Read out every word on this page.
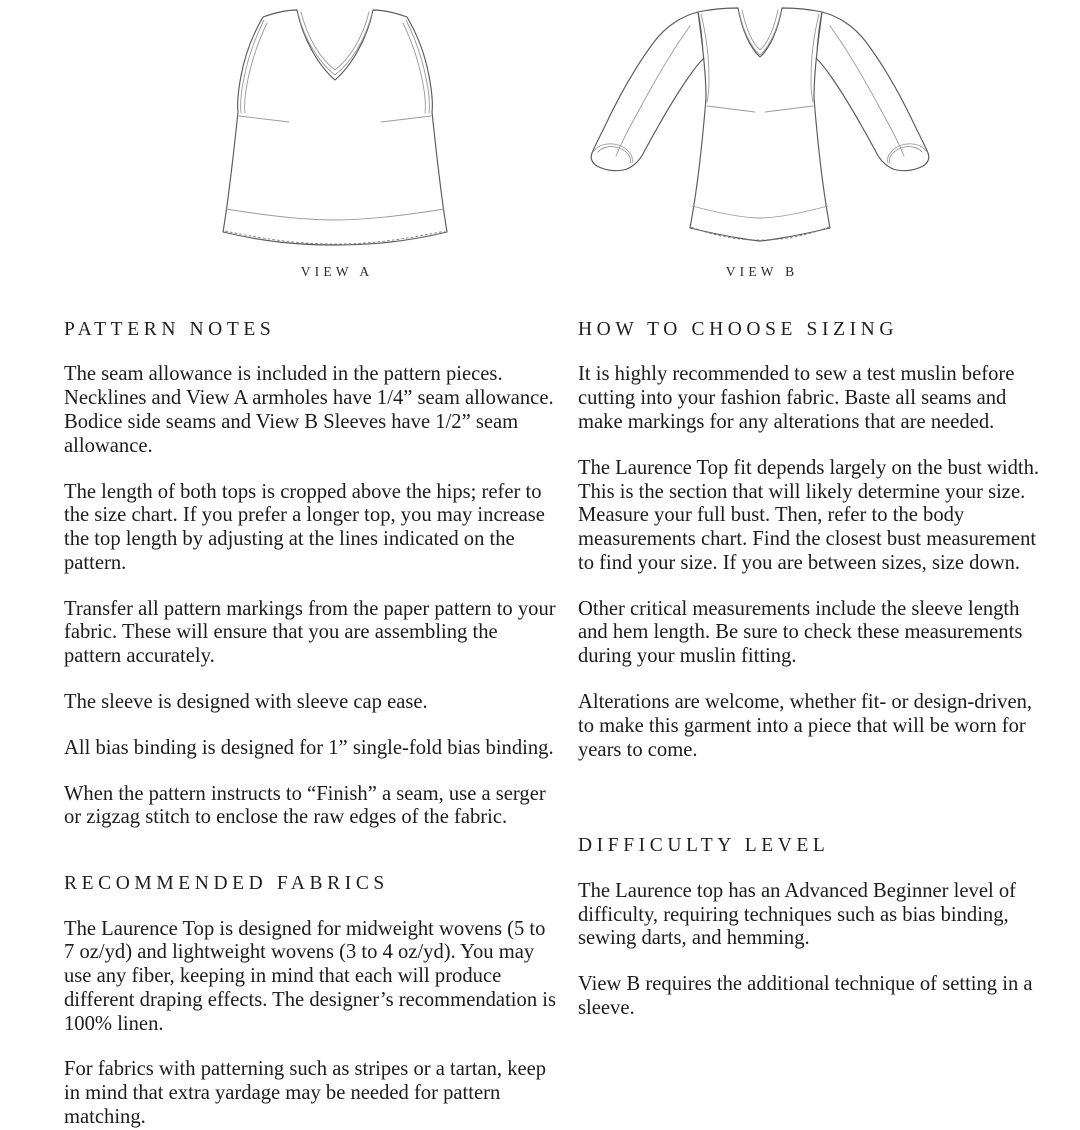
VIEW A	VIEW B
PATTERN NOTES

The seam allowance is included in the pattern pieces. Necklines and View A armholes have 1/4” seam allowance. Bodice side seams and View B Sleeves have 1/2” seam allowance.

The length of both tops is cropped above the hips; refer to the size chart. If you prefer a longer top, you may increase the top length by adjusting at the lines indicated on the pattern.

Transfer all pattern markings from the paper pattern to your fabric. These will ensure that you are assembling the pattern accurately.

The sleeve is designed with sleeve cap ease.

All bias binding is designed for 1” single-fold bias binding.

When the pattern instructs to “Finish” a seam, use a serger or zigzag stitch to enclose the raw edges of the fabric.

RECOMMENDED FABRICS

The Laurence Top is designed for midweight wovens (5 to 7 oz/yd) and lightweight wovens (3 to 4 oz/yd). You may use any fiber, keeping in mind that each will produce different draping effects. The designer’s recommendation is 100% linen.

For fabrics with patterning such as stripes or a tartan, keep in mind that extra yardage may be needed for pattern matching.

HOW TO CHOOSE SIZING

It is highly recommended to sew a test muslin before cutting into your fashion fabric. Baste all seams and make markings for any alterations that are needed.

The Laurence Top fit depends largely on the bust width. This is the section that will likely determine your size. Measure your full bust. Then, refer to the body measurements chart. Find the closest bust measurement to find your size. If you are between sizes, size down.

Other critical measurements include the sleeve length and hem length. Be sure to check these measurements during your muslin fitting.

Alterations are welcome, whether fit- or design-driven, to make this garment into a piece that will be worn for years to come.

DIFFICULTY LEVEL

The Laurence top has an Advanced Beginner level of difficulty, requiring techniques such as bias binding, sewing darts, and hemming.

View B requires the additional technique of setting in a sleeve.
